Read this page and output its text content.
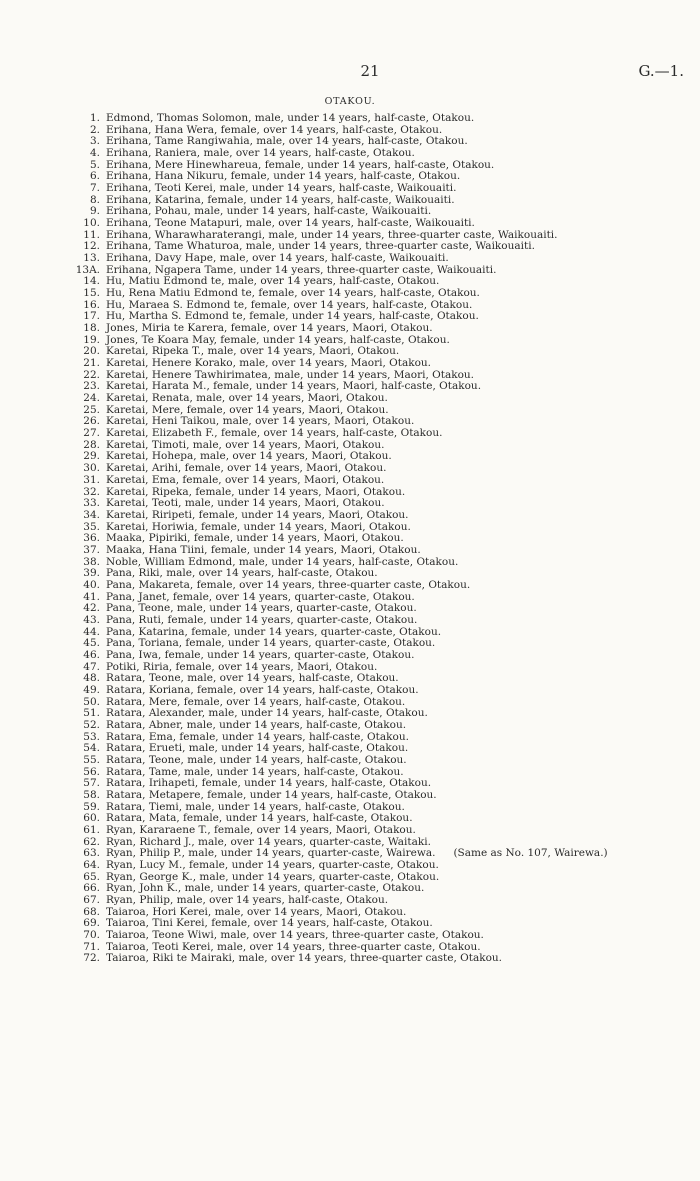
21	G.—1.
OTAKOU.
1. Edmond, Thomas Solomon, male, under 14 years, half-caste, Otakou.
2. Erihana, Hana Wera, female, over 14 years, half-caste, Otakou.
3. Erihana, Tame Rangiwahia, male, over 14 years, half-caste, Otakou.
4. Erihana, Raniera, male, over 14 years, half-caste, Otakou.
5. Erihana, Mere Hinewhareua, female, under 14 years, half-caste, Otakou.
6. Erihana, Hana Nikuru, female, under 14 years, half-caste, Otakou.
7. Erihana, Teoti Kerei, male, under 14 years, half-caste, Waikouaiti.
8. Erihana, Katarina, female, under 14 years, half-caste, Waikouaiti.
9. Erihana, Pohau, male, under 14 years, half-caste, Waikouaiti.
10. Erihana, Teone Matapuri, male, over 14 years, half-caste, Waikouaiti.
11. Erihana, Wharawharaterangi, male, under 14 years, three-quarter caste, Waikouaiti.
12. Erihana, Tame Whaturoa, male, under 14 years, three-quarter caste, Waikouaiti.
13. Erihana, Davy Hape, male, over 14 years, half-caste, Waikouaiti.
13A. Erihana, Ngapera Tame, under 14 years, three-quarter caste, Waikouaiti.
14. Hu, Matiu Edmond te, male, over 14 years, half-caste, Otakou.
15. Hu, Rena Matiu Edmond te, female, over 14 years, half-caste, Otakou.
16. Hu, Maraea S. Edmond te, female, over 14 years, half-caste, Otakou.
17. Hu, Martha S. Edmond te, female, under 14 years, half-caste, Otakou.
18. Jones, Miria te Karera, female, over 14 years, Maori, Otakou.
19. Jones, Te Koara May, female, under 14 years, half-caste, Otakou.
20. Karetai, Ripeka T., male, over 14 years, Maori, Otakou.
21. Karetai, Henere Korako, male, over 14 years, Maori, Otakou.
22. Karetai, Henere Tawhirimatea, male, under 14 years, Maori, Otakou.
23. Karetai, Harata M., female, under 14 years, Maori, half-caste, Otakou.
24. Karetai, Renata, male, over 14 years, Maori, Otakou.
25. Karetai, Mere, female, over 14 years, Maori, Otakou.
26. Karetai, Heni Taikou, male, over 14 years, Maori, Otakou.
27. Karetai, Elizabeth F., female, over 14 years, half-caste, Otakou.
28. Karetai, Timoti, male, over 14 years, Maori, Otakou.
29. Karetai, Hohepa, male, over 14 years, Maori, Otakou.
30. Karetai, Arihi, female, over 14 years, Maori, Otakou.
31. Karetai, Ema, female, over 14 years, Maori, Otakou.
32. Karetai, Ripeka, female, under 14 years, Maori, Otakou.
33. Karetai, Teoti, male, under 14 years, Maori, Otakou.
34. Karetai, Riripeti, female, under 14 years, Maori, Otakou.
35. Karetai, Horiwia, female, under 14 years, Maori, Otakou.
36. Maaka, Pipiriki, female, under 14 years, Maori, Otakou.
37. Maaka, Hana Tiini, female, under 14 years, Maori, Otakou.
38. Noble, William Edmond, male, under 14 years, half-caste, Otakou.
39. Pana, Riki, male, over 14 years, half-caste, Otakou.
40. Pana, Makareta, female, over 14 years, three-quarter caste, Otakou.
41. Pana, Janet, female, over 14 years, quarter-caste, Otakou.
42. Pana, Teone, male, under 14 years, quarter-caste, Otakou.
43. Pana, Ruti, female, under 14 years, quarter-caste, Otakou.
44. Pana, Katarina, female, under 14 years, quarter-caste, Otakou.
45. Pana, Toriana, female, under 14 years, quarter-caste, Otakou.
46. Pana, Iwa, female, under 14 years, quarter-caste, Otakou.
47. Potiki, Riria, female, over 14 years, Maori, Otakou.
48. Ratara, Teone, male, over 14 years, half-caste, Otakou.
49. Ratara, Koriana, female, over 14 years, half-caste, Otakou.
50. Ratara, Mere, female, over 14 years, half-caste, Otakou.
51. Ratara, Alexander, male, under 14 years, half-caste, Otakou.
52. Ratara, Abner, male, under 14 years, half-caste, Otakou.
53. Ratara, Ema, female, under 14 years, half-caste, Otakou.
54. Ratara, Erueti, male, under 14 years, half-caste, Otakou.
55. Ratara, Teone, male, under 14 years, half-caste, Otakou.
56. Ratara, Tame, male, under 14 years, half-caste, Otakou.
57. Ratara, Irihapeti, female, under 14 years, half-caste, Otakou.
58. Ratara, Metapere, female, under 14 years, half-caste, Otakou.
59. Ratara, Tiemi, male, under 14 years, half-caste, Otakou.
60. Ratara, Mata, female, under 14 years, half-caste, Otakou.
61. Ryan, Kararaene T., female, over 14 years, Maori, Otakou.
62. Ryan, Richard J., male, over 14 years, quarter-caste, Waitaki.
63. Ryan, Philip P., male, under 14 years, quarter-caste, Wairewa. (Same as No. 107, Wairewa.)
64. Ryan, Lucy M., female, under 14 years, quarter-caste, Otakou.
65. Ryan, George K., male, under 14 years, quarter-caste, Otakou.
66. Ryan, John K., male, under 14 years, quarter-caste, Otakou.
67. Ryan, Philip, male, over 14 years, half-caste, Otakou.
68. Taiaroa, Hori Kerei, male, over 14 years, Maori, Otakou.
69. Taiaroa, Tini Kerei, female, over 14 years, half-caste, Otakou.
70. Taiaroa, Teone Wiwi, male, over 14 years, three-quarter caste, Otakou.
71. Taiaroa, Teoti Kerei, male, over 14 years, three-quarter caste, Otakou.
72. Taiaroa, Riki te Mairaki, male, over 14 years, three-quarter caste, Otakou.
